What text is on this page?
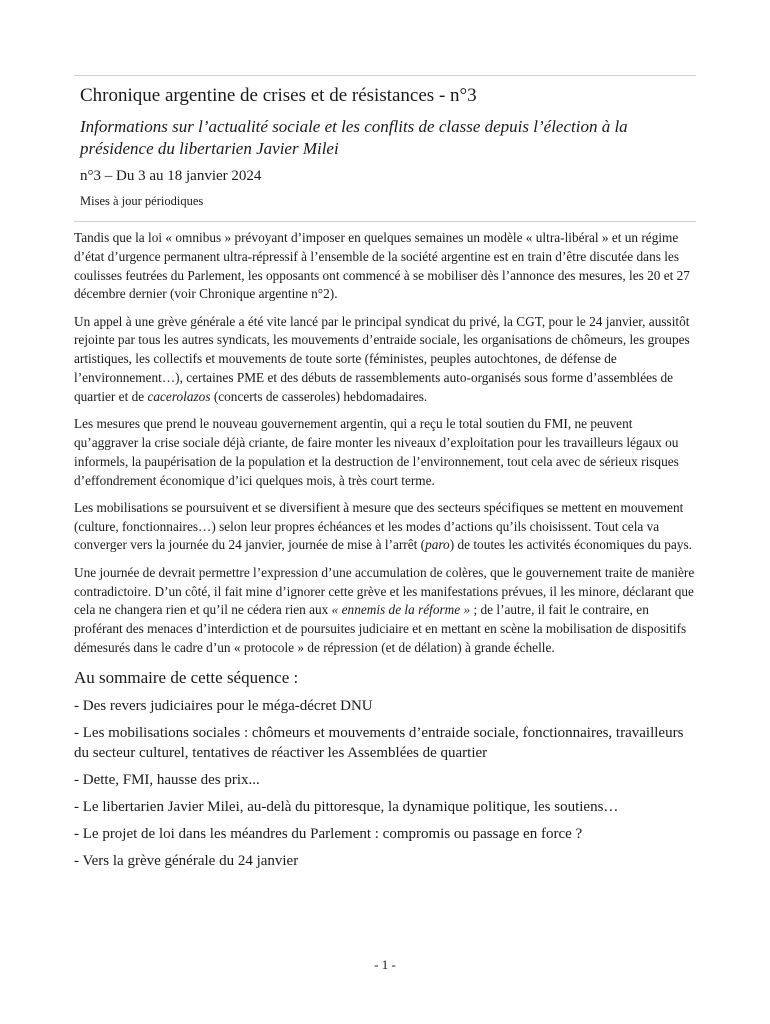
Chronique argentine de crises et de résistances - n°3
Informations sur l’actualité sociale et les conflits de classe depuis l’élection à la présidence du libertarien Javier Milei
n°3 – Du 3 au 18 janvier 2024
Mises à jour périodiques

Tandis que la loi « omnibus » prévoyant d’imposer en quelques semaines un modèle « ultra-libéral » et un régime d’état d’urgence permanent ultra-répressif à l’ensemble de la société argentine est en train d’être discutée dans les coulisses feutrées du Parlement, les opposants ont commencé à se mobiliser dès l’annonce des mesures, les 20 et 27 décembre dernier (voir Chronique argentine n°2).

Un appel à une grève générale a été vite lancé par le principal syndicat du privé, la CGT, pour le 24 janvier, aussitôt rejointe par tous les autres syndicats, les mouvements d’entraide sociale, les organisations de chômeurs, les groupes artistiques, les collectifs et mouvements de toute sorte (féministes, peuples autochtones, de défense de l’environnement…), certaines PME et des débuts de rassemblements auto-organisés sous forme d’assemblées de quartier et de cacerolazos (concerts de casseroles) hebdomadaires.

Les mesures que prend le nouveau gouvernement argentin, qui a reçu le total soutien du FMI, ne peuvent qu’aggraver la crise sociale déjà criante, de faire monter les niveaux d’exploitation pour les travailleurs légaux ou informels, la paupérisation de la population et la destruction de l’environnement, tout cela avec de sérieux risques d’effondrement économique d’ici quelques mois, à très court terme.

Les mobilisations se poursuivent et se diversifient à mesure que des secteurs spécifiques se mettent en mouvement (culture, fonctionnaires…) selon leur propres échéances et les modes d’actions qu’ils choisissent. Tout cela va converger vers la journée du 24 janvier, journée de mise à l’arrêt (paro) de toutes les activités économiques du pays.

Une journée de devrait permettre l’expression d’une accumulation de colères, que le gouvernement traite de manière contradictoire. D’un côté, il fait mine d’ignorer cette grève et les manifestations prévues, il les minore, déclarant que cela ne changera rien et qu’il ne cédera rien aux « ennemis de la réforme » ; de l’autre, il fait le contraire, en proférant des menaces d’interdiction et de poursuites judiciaire et en mettant en scène la mobilisation de dispositifs démesurés dans le cadre d’un « protocole » de répression (et de délation) à grande échelle.

Au sommaire de cette séquence :
- Des revers judiciaires pour le méga-décret DNU
- Les mobilisations sociales : chômeurs et mouvements d’entraide sociale, fonctionnaires, travailleurs du secteur culturel, tentatives de réactiver les Assemblées de quartier
- Dette, FMI, hausse des prix...
- Le libertarien Javier Milei, au-delà du pittoresque, la dynamique politique, les soutiens…
- Le projet de loi dans les méandres du Parlement : compromis ou passage en force ?
- Vers la grève générale du 24 janvier
- 1 -
